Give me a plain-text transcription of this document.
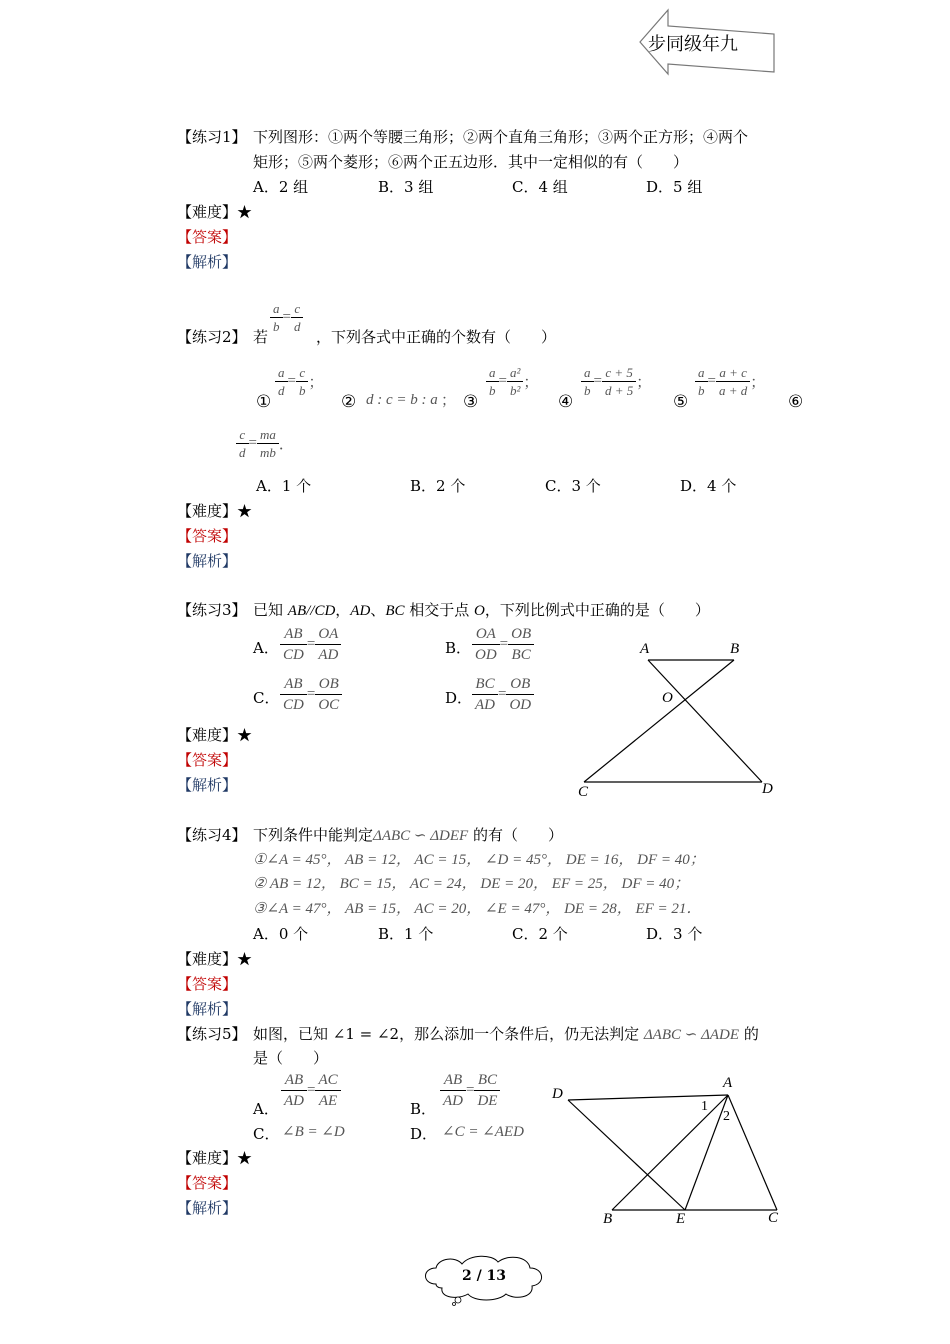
步同级年九
【练习1】 下列图形：①两个等腰三角形；②两个直角三角形；③两个正方形；④两个
矩形；⑤两个菱形；⑥两个正五边形．其中一定相似的有（　　）
A．2 组	B．3 组	C．4 组	D．5 组
【难度】★
【答案】
【解析】
【练习2】 若
$\frac{a}{b} = \frac{c}{d}$
，下列各式中正确的个数有（　　）
①
$\frac{a}{d} = \frac{c}{b}$ ；
② d : c = b : a ； ③
$\frac{a}{b} = \frac{\text{a²}}{\text{b²}}$ ；
④
$\frac{a}{b} = \frac{c + 5}{d + 5}$ ；
⑤
$\frac{a}{b} = \frac{a + c}{a + d}$ ；
⑥
$\frac{c}{d} = \frac{ma}{mb}$ ．
A．1 个	B．2 个	C．3 个	D．4 个
【难度】★
【答案】
【解析】
【练习3】 已知 AB//CD，AD、BC 相交于点 O，下列比例式中正确的是（　　）
A． $\frac{AB}{CD} = \frac{OA}{AD}$	B． $\frac{OA}{OD} = \frac{OB}{BC}$
C． $\frac{AB}{CD} = \frac{OB}{OC}$	D． $\frac{BC}{AD} = \frac{OB}{OD}$
A	B
O
C	D
【难度】★
【答案】
【解析】
【练习4】 下列条件中能判定ΔABC ∽ ΔDEF 的有（　　）
①∠A = 45°， AB = 12， AC = 15， ∠D = 45°， DE = 16， DF = 40；
② AB = 12， BC = 15， AC = 24， DE = 20， EF = 25， DF = 40；
③∠A = 47°， AB = 15， AC = 20， ∠E = 47°， DE = 28， EF = 21．
A．0 个	B．1 个	C．2 个	D．3 个
【难度】★
【答案】
【解析】
【练习5】 如图，已知 ∠1 = ∠2，那么添加一个条件后，仍无法判定 ΔABC ∽ ΔADE 的
是（　　）
A． $\frac{AB}{AD} = \frac{AC}{AE}$	B． $\frac{AB}{AD} = \frac{BC}{DE}$
C． ∠B = ∠D	D． ∠C = ∠AED
D
A
1
2
B	E	C
【难度】★
【答案】
【解析】
2 / 13
